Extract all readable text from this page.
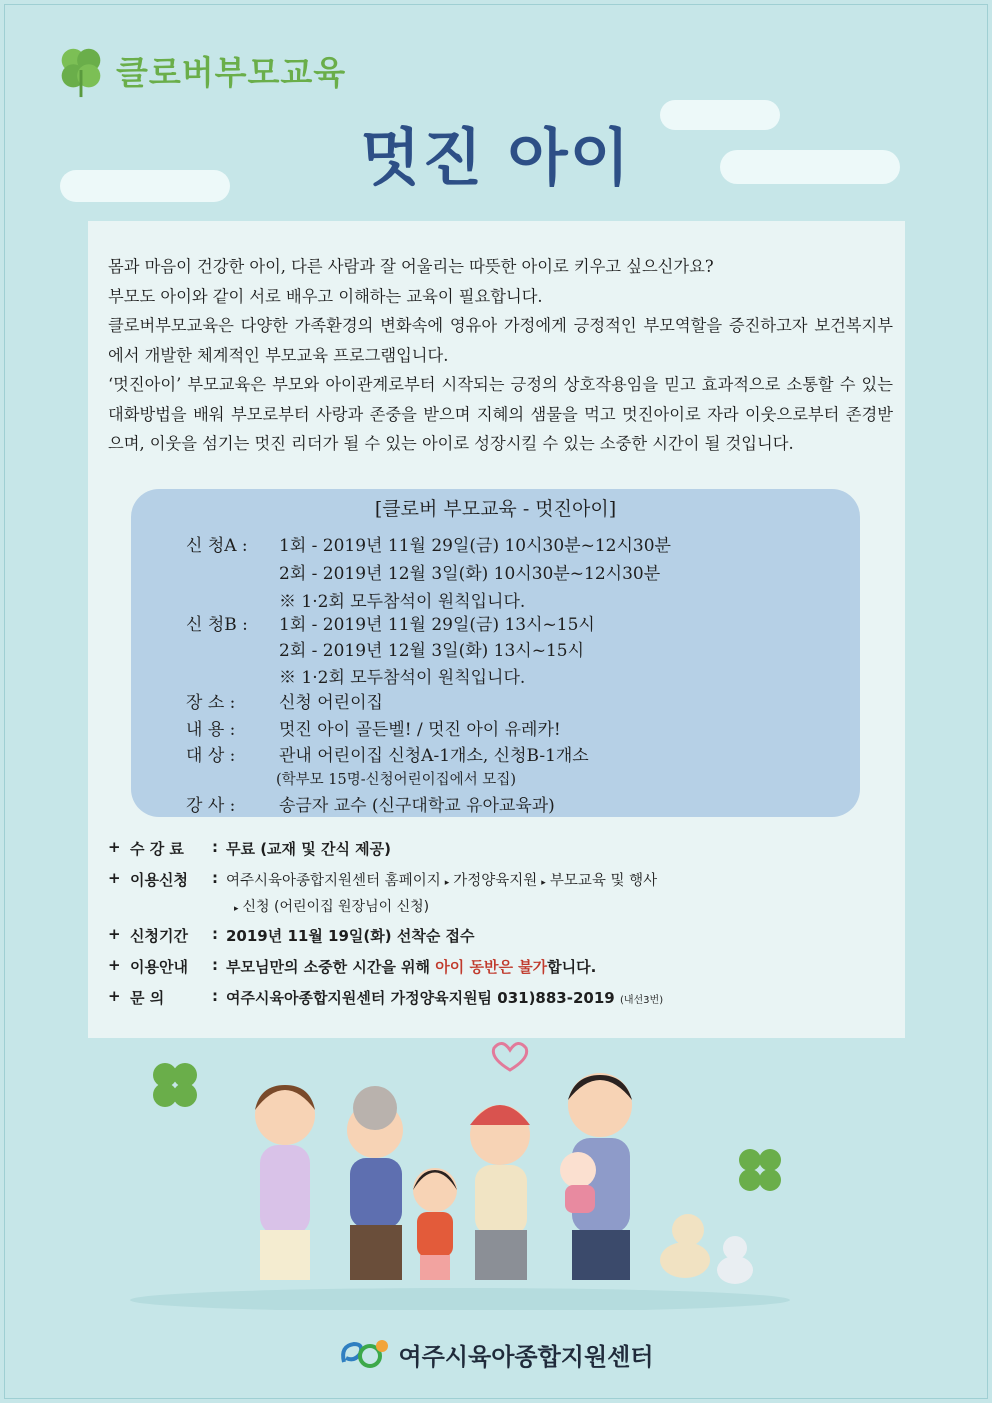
클로버부모교육
멋진 아이

몸과 마음이 건강한 아이, 다른 사람과 잘 어울리는 따뜻한 아이로 키우고 싶으신가요?

부모도 아이와 같이 서로 배우고 이해하는 교육이 필요합니다.

클로버부모교육은 다양한 가족환경의 변화속에 영유아 가정에게 긍정적인 부모역할을 증진하고자 보건복지부에서 개발한 체계적인 부모교육 프로그램입니다.

‘멋진아이’ 부모교육은 부모와 아이관계로부터 시작되는 긍정의 상호작용임을 믿고 효과적으로 소통할 수 있는 대화방법을 배워 부모로부터 사랑과 존중을 받으며 지혜의 샘물을 먹고 멋진아이로 자라 이웃으로부터 존경받으며, 이웃을 섬기는 멋진 리더가 될 수 있는 아이로 성장시킬 수 있는 소중한 시간이 될 것입니다.

[클로버 부모교육 - 멋진아이]
신 청A :	1회 - 2019년 11월 29일(금) 10시30분~12시30분
2회 - 2019년 12월 3일(화) 10시30분~12시30분
※ 1·2회 모두참석이 원칙입니다.
신 청B :	1회 - 2019년 11월 29일(금) 13시~15시
2회 - 2019년 12월 3일(화) 13시~15시
※ 1·2회 모두참석이 원칙입니다.
장 소 :	신청 어린이집
내 용 :	멋진 아이 골든벨! / 멋진 아이 유레카!
대 상 :	관내 어린이집 신청A-1개소, 신청B-1개소
(학부모 15명-신청어린이집에서 모집)
강 사 :	송금자 교수 (신구대학교 유아교육과)
+ 수 강 료	: 무료 (교재 및 간식 제공)
+ 이용신청	: 여주시육아종합지원센터 홈페이지 ▸ 가정양육지원 ▸ 부모교육 및 행사
▸ 신청 (어린이집 원장님이 신청)
+ 신청기간	: 2019년 11월 19일(화) 선착순 접수
+ 이용안내	: 부모님만의 소중한 시간을 위해 아이 동반은 불가합니다.
+ 문 의	: 여주시육아종합지원센터 가정양육지원팀 031)883-2019 (내선3번)
여주시육아종합지원센터
